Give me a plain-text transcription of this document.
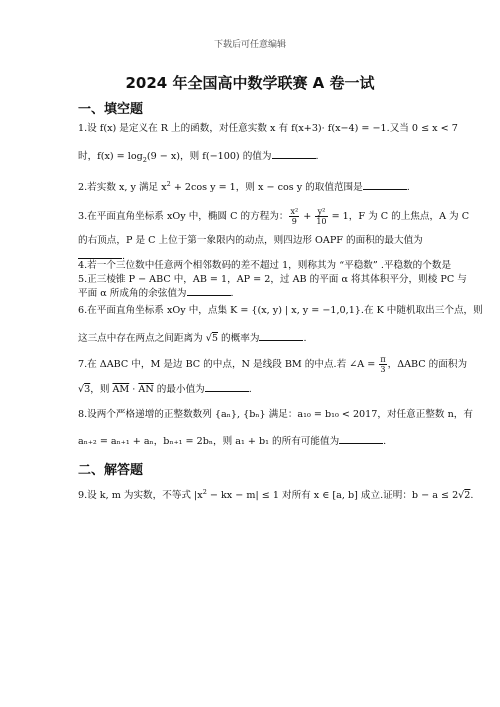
下载后可任意编辑
2024 年全国高中数学联赛 A 卷一试
一、填空题
1.设 f(x) 是定义在 R 上的函数，对任意实数 x 有 f(x+3)· f(x−4) = −1.又当 0 ≤ x < 7
时，$f(x) = \log_2(9 - x)$，则 f(−100) 的值为	.
2.若实数 x, y 满足 $x^2 + 2\cos$ y = 1，则 x − cos y 的取值范围是	.
3.在平面直角坐标系 xOy 中，椭圆 C 的方程为： $\frac{\text{x²}}{9} + \frac{\text{y²}}{10} = 1$，F 为 C 的上焦点，A 为 C
的右顶点，P 是 C 上位于第一象限内的动点，则四边形 OAPF 的面积的最大值为
.
4.若一个三位数中任意两个相邻数码的差不超过 1，则称其为 “平稳数” .平稳数的个数是
5.正三棱锥 P − ABC 中，AB = 1，AP = 2，过 AB 的平面 α 将其体积平分，则棱 PC 与
平面 α 所成角的余弦值为	.
6.在平面直角坐标系 xOy 中，点集 K = {(x, y) | x, y = −1,0,1}.在 K 中随机取出三个点，则
这三点中存在两点之间距离为 √5 的概率为	.
7.在 ΔABC 中，M 是边 BC 的中点，N 是线段 BM 的中点.若 ∠A = $\frac{\pi}{3}$ ，ΔABC 的面积为
√3，则 $\overline{AM} \cdot \overline{AN}$ 的最小值为	.
8.设两个严格递增的正整数数列 {aₙ}, {bₙ} 满足：a₁₀ = b₁₀ < 2017，对任意正整数 n，有
aₙ₊₂ = aₙ₊₁ + aₙ，bₙ₊₁ = 2bₙ，则 a₁ + b₁ 的所有可能值为	.
二、解答题
9.设 k, m 为实数，不等式 $|x^2$ − kx − m| ≤ 1 对所有 x ∈ [a, b] 成立.证明：b − a ≤ 2√2.
